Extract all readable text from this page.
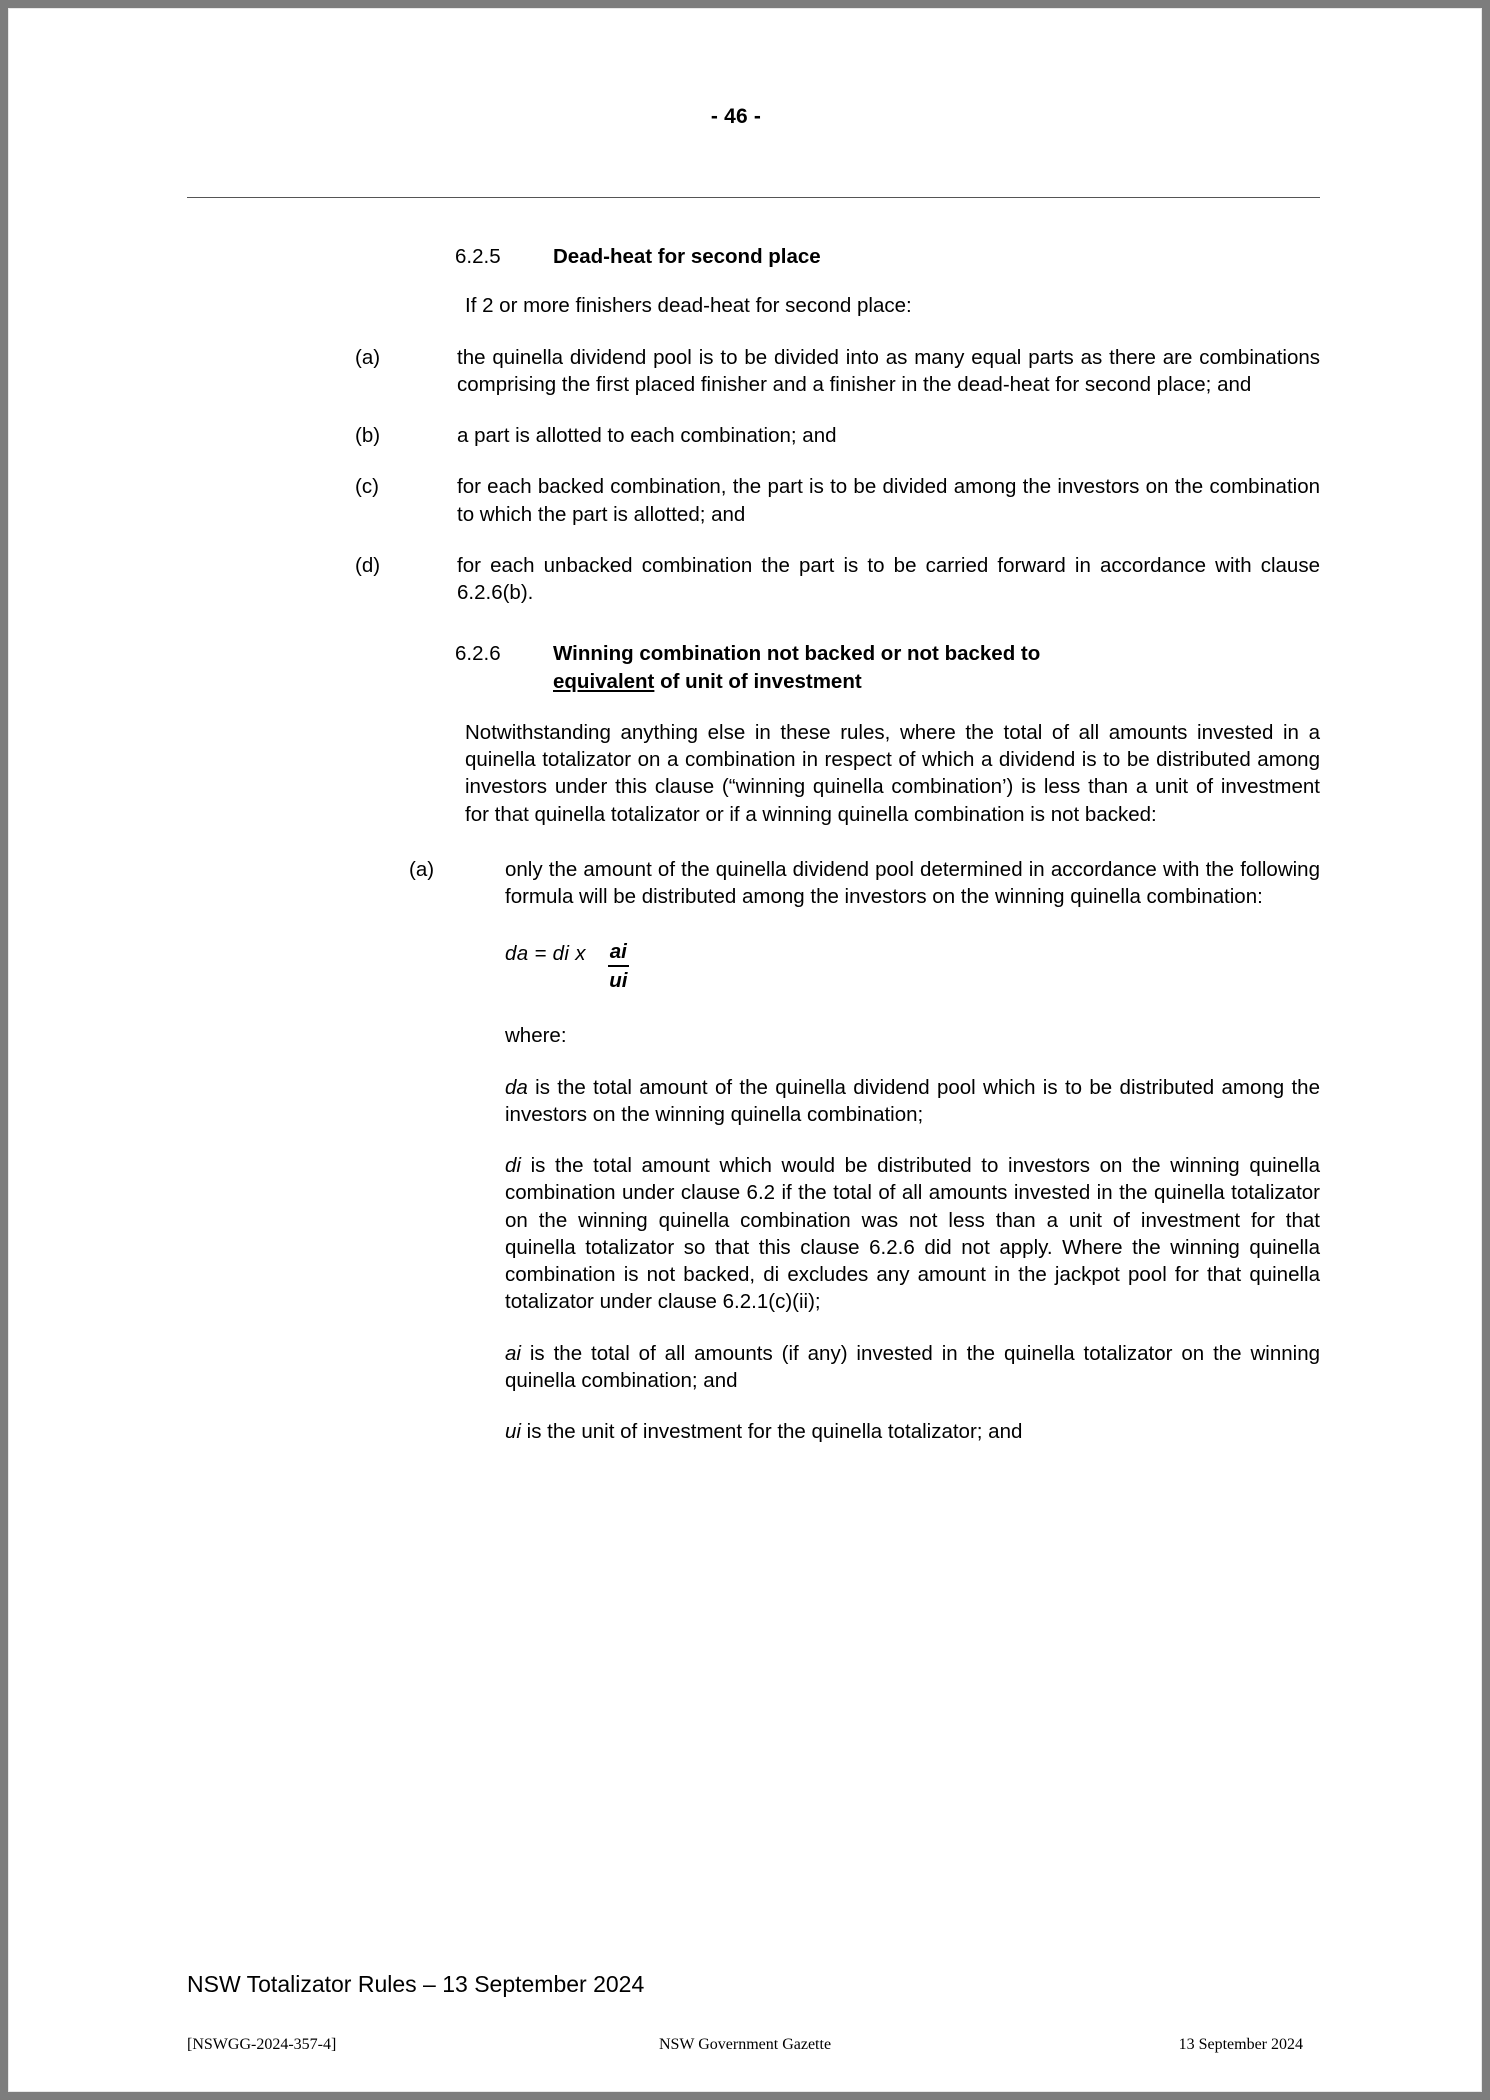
- 46 -
6.2.5	Dead-heat for second place
If 2 or more finishers dead-heat for second place:
(a)	the quinella dividend pool is to be divided into as many equal parts as there are combinations comprising the first placed finisher and a finisher in the dead-heat for second place; and
(b)	a part is allotted to each combination; and
(c)	for each backed combination, the part is to be divided among the investors on the combination to which the part is allotted; and
(d)	for each unbacked combination the part is to be carried forward in accordance with clause 6.2.6(b).
6.2.6	Winning combination not backed or not backed to
equivalent of unit of investment
Notwithstanding anything else in these rules, where the total of all amounts invested in a quinella totalizator on a combination in respect of which a dividend is to be distributed among investors under this clause (“winning quinella combination’) is less than a unit of investment for that quinella totalizator or if a winning quinella combination is not backed:
(a)	only the amount of the quinella dividend pool determined in accordance with the following formula will be distributed among the investors on the winning quinella combination:
da = di x $\frac{ai}{ui}$
where:
da is the total amount of the quinella dividend pool which is to be distributed among the investors on the winning quinella combination;
di is the total amount which would be distributed to investors on the winning quinella combination under clause 6.2 if the total of all amounts invested in the quinella totalizator on the winning quinella combination was not less than a unit of investment for that quinella totalizator so that this clause 6.2.6 did not apply. Where the winning quinella combination is not backed, di excludes any amount in the jackpot pool for that quinella totalizator under clause 6.2.1(c)(ii);
ai is the total of all amounts (if any) invested in the quinella totalizator on the winning quinella combination; and
ui is the unit of investment for the quinella totalizator; and
NSW Totalizator Rules – 13 September 2024
[NSWGG-2024-357-4]	NSW Government Gazette	13 September 2024
